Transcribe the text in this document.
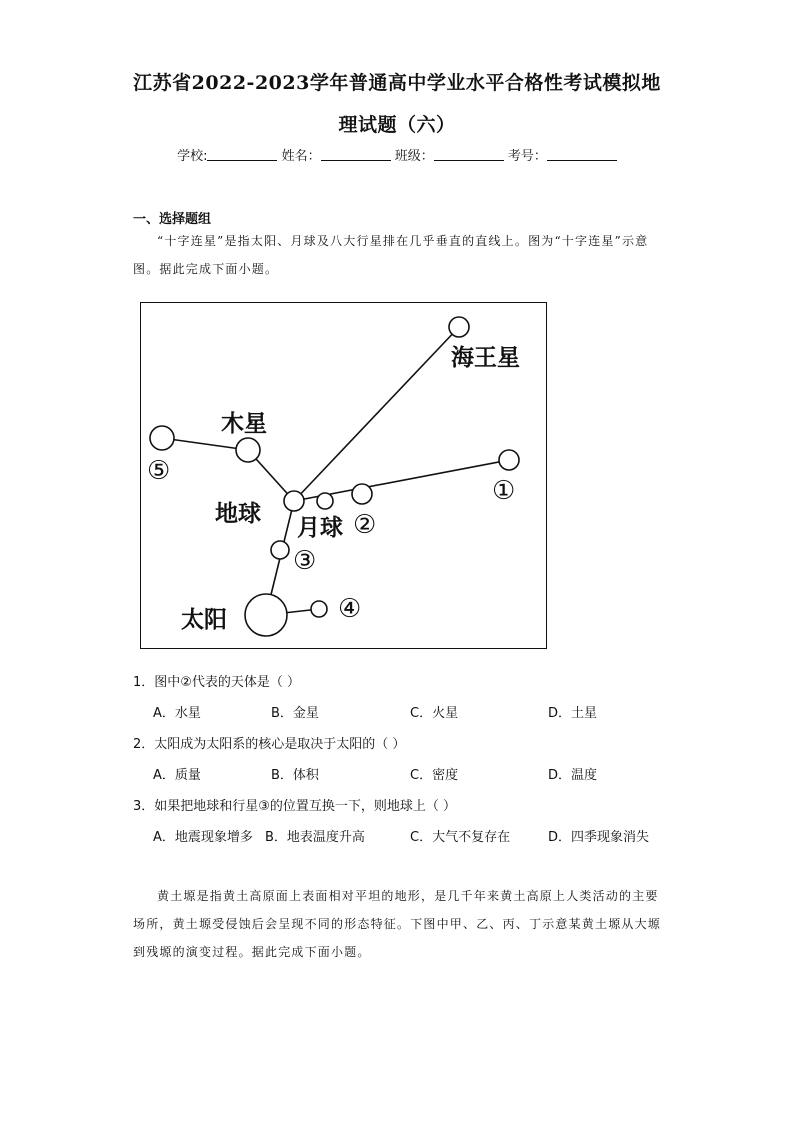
江苏省2022-2023学年普通高中学业水平合格性考试模拟地
理试题（六）
学校:	姓名：	班级：	考号：
一、选择题组
“十字连星”是指太阳、月球及八大行星排在几乎垂直的直线上。图为“十字连星”示意图。据此完成下面小题。
海王星
木星
地球
月球
太阳
①
②
③
④
⑤
1．图中②代表的天体是（ ）
A．水星	B．金星	C．火星	D．土星
2．太阳成为太阳系的核心是取决于太阳的（ ）
A．质量	B．体积	C．密度	D．温度
3．如果把地球和行星③的位置互换一下，则地球上（ ）
A．地震现象增多 B．地表温度升高	C．大气不复存在	D．四季现象消失
黄土塬是指黄土高原面上表面相对平坦的地形，是几千年来黄土高原上人类活动的主要场所，黄土塬受侵蚀后会呈现不同的形态特征。下图中甲、乙、丙、丁示意某黄土塬从大塬到残塬的演变过程。据此完成下面小题。
